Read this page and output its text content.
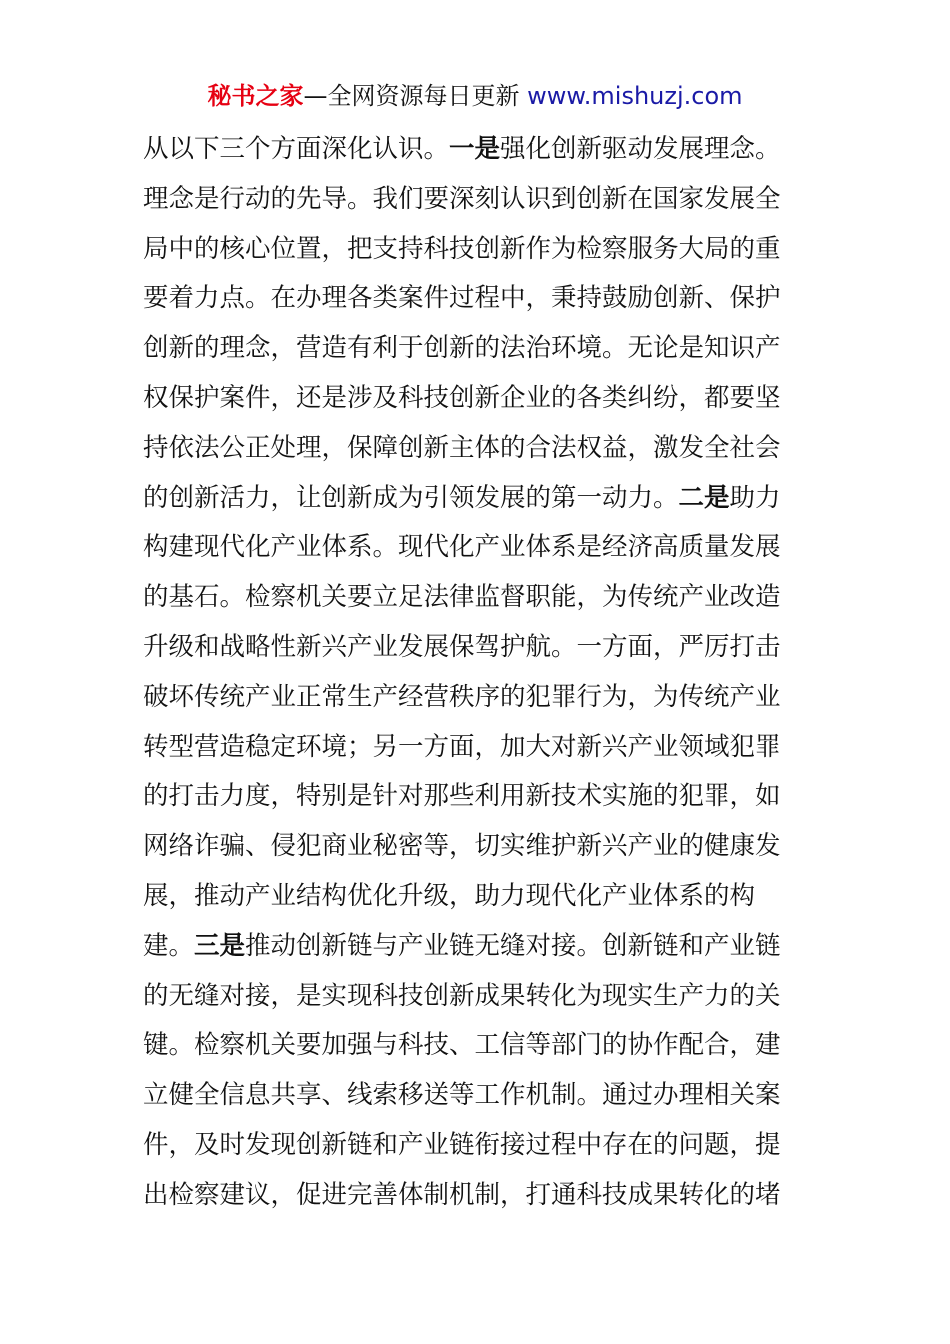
秘书之家—全网资源每日更新 www.mishuzj.com
从以下三个方面深化认识。一是强化创新驱动发展理念。
理念是行动的先导。我们要深刻认识到创新在国家发展全
局中的核心位置，把支持科技创新作为检察服务大局的重
要着力点。在办理各类案件过程中，秉持鼓励创新、保护
创新的理念，营造有利于创新的法治环境。无论是知识产
权保护案件，还是涉及科技创新企业的各类纠纷，都要坚
持依法公正处理，保障创新主体的合法权益，激发全社会
的创新活力，让创新成为引领发展的第一动力。二是助力
构建现代化产业体系。现代化产业体系是经济高质量发展
的基石。检察机关要立足法律监督职能，为传统产业改造
升级和战略性新兴产业发展保驾护航。一方面，严厉打击
破坏传统产业正常生产经营秩序的犯罪行为，为传统产业
转型营造稳定环境；另一方面，加大对新兴产业领域犯罪
的打击力度，特别是针对那些利用新技术实施的犯罪，如
网络诈骗、侵犯商业秘密等，切实维护新兴产业的健康发
展，推动产业结构优化升级，助力现代化产业体系的构
建。三是推动创新链与产业链无缝对接。创新链和产业链
的无缝对接，是实现科技创新成果转化为现实生产力的关
键。检察机关要加强与科技、工信等部门的协作配合，建
立健全信息共享、线索移送等工作机制。通过办理相关案
件，及时发现创新链和产业链衔接过程中存在的问题，提
出检察建议，促进完善体制机制，打通科技成果转化的堵
